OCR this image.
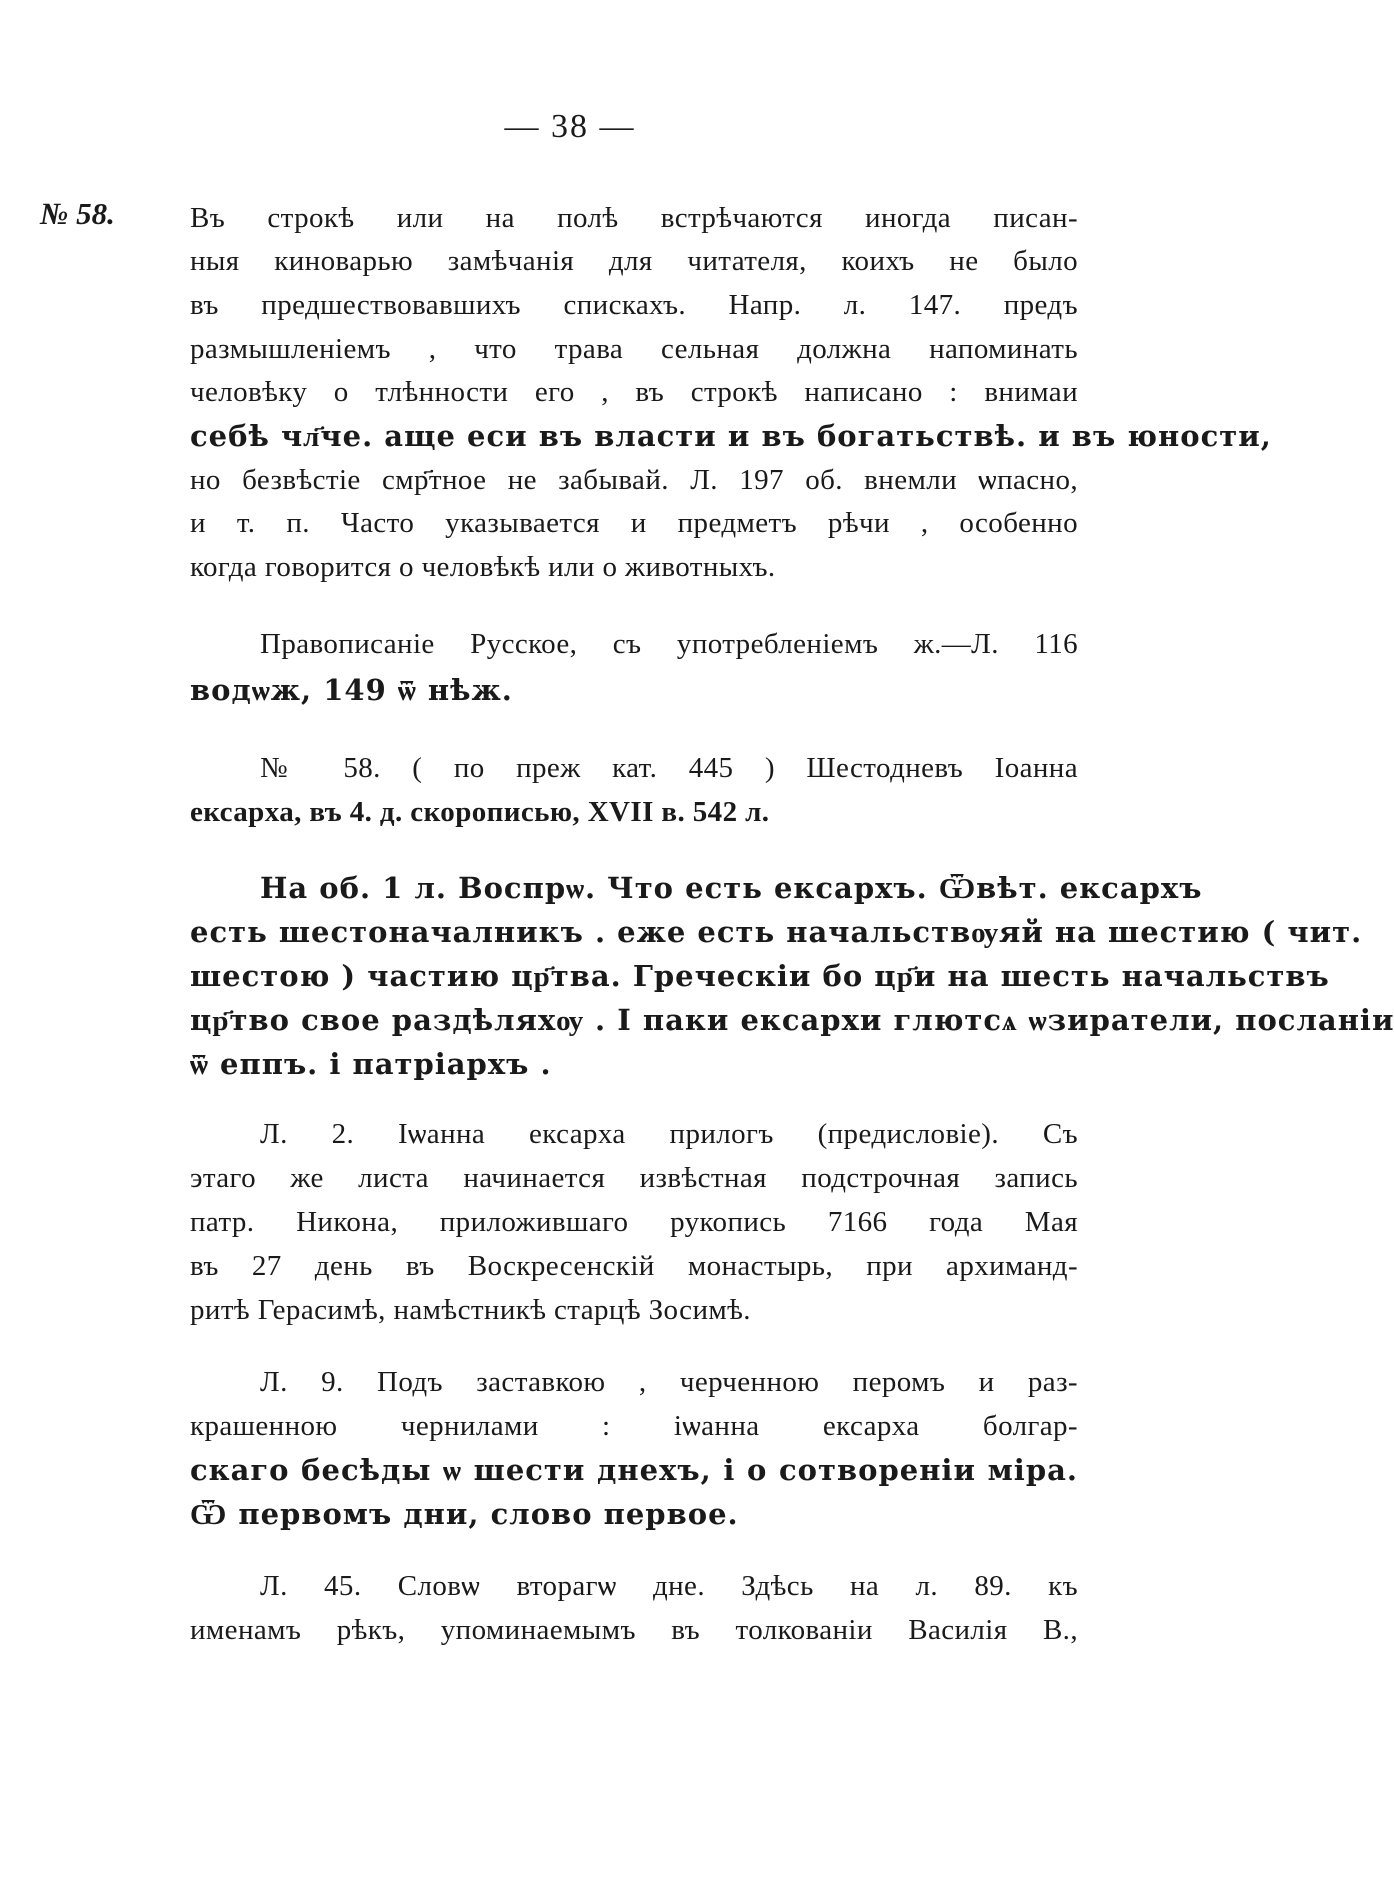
— 38 —
№ 58.	Въ строкѣ или на полѣ встрѣчаются иногда писан-
ныя киноварью замѣчанія для читателя, коихъ не было
въ предшествовавшихъ спискахъ. Напр. л. 147. предъ
размышленіемъ , что трава сельная должна напоминать
человѣку о тлѣнности его , въ строкѣ написано : внимаи
себѣ чл҃че. аще еси въ власти и въ богатьствѣ. и въ юности,
но безвѣстіе смр҃тное не забывай. Л. 197 об. внемли ѡпасно,
и т. п. Часто указывается и предметъ рѣчи , особенно
когда говорится о человѣкѣ или о животныхъ.
Правописаніе Русское, съ употребленіемъ ж.—Л. 116
водѡж, 149 ѿ нѣж.
№ 58. ( по преж кат. 445 ) Шестодневъ Іоанна
ексарха, въ 4. д. скорописью, XVII в. 542 л.
На об. 1 л. Воспрѡ. Что есть ексархъ. Ѿвѣт. ексархъ
есть шестоначалникъ . еже есть начальствѹяй на шестию ( чит.
шестою ) частию цр҃тва. Греческіи бо цр҃и на шесть начальствъ
цр҃тво свое раздѣляхѹ . І паки ексархи глютсѧ ѡзиратели, посланіи
ѿ еппъ. і патріархъ .
Л. 2. Іѡанна ексарха прилогъ (предисловіе). Съ
этаго же листа начинается извѣстная подстрочная запись
патр. Никона, приложившаго рукопись 7166 года Мая
въ 27 день въ Воскресенскій монастырь, при архиманд-
ритѣ Герасимѣ, намѣстникѣ старцѣ Зосимѣ.
Л. 9. Подъ заставкою , черченною перомъ и раз-
крашенною чернилами : іѡанна ексарха болгар-
скаго бесѣды ѡ шести днехъ, і о сотвореніи міра.
Ѿ первомъ дни, слово первое.
Л. 45. Словѡ вторагѡ дне. Здѣсь на л. 89. къ
именамъ рѣкъ, упоминаемымъ въ толкованіи Василія В.,
